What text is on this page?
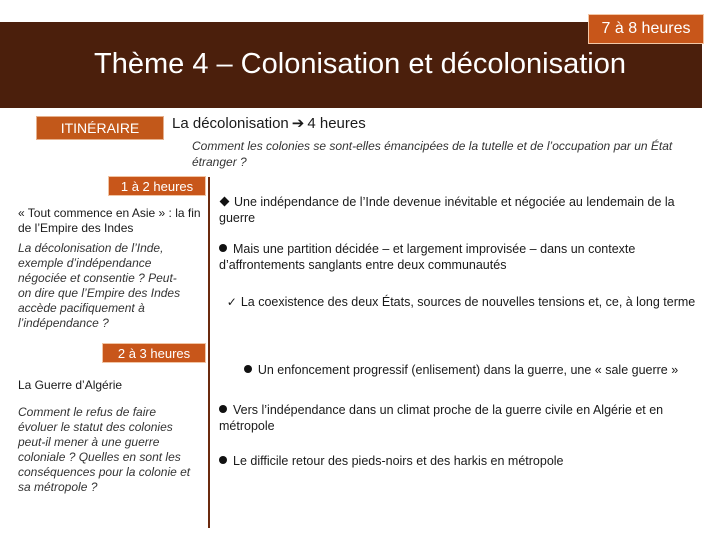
7 à 8 heures
Thème 4 – Colonisation et décolonisation
ITINÉRAIRE	La décolonisation ➔ 4 heures
Comment les colonies se sont-elles émancipées de la tutelle et de l’occupation par un État étranger ?
1 à 2 heures
« Tout commence en Asie » : la fin de l’Empire des Indes
La décolonisation de l’Inde, exemple d’indépendance négociée et consentie ? Peut-on dire que l’Empire des Indes accède pacifiquement à l’indépendance ?
Une indépendance de l’Inde devenue inévitable et négociée au lendemain de la guerre
Mais une partition décidée – et largement improvisée – dans un contexte d’affrontements sanglants entre deux communautés
✓ La coexistence des deux États, sources de nouvelles tensions et, ce, à long terme
2 à 3 heures
La Guerre d’Algérie
Comment le refus de faire évoluer le statut des colonies peut-il mener à une guerre coloniale ? Quelles en sont les conséquences pour la colonie et sa métropole ?
Un enfoncement progressif (enlisement) dans la guerre, une « sale guerre »
Vers l’indépendance dans un climat proche de la guerre civile en Algérie et en métropole
Le difficile retour des pieds-noirs et des harkis en métropole
